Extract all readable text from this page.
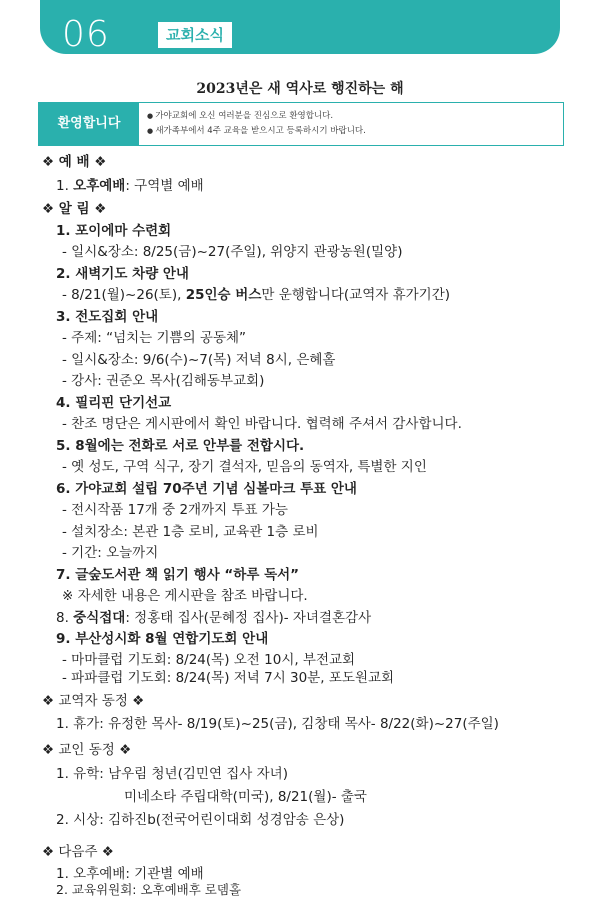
06	교회소식
2023년은 새 역사로 행진하는 해
환영합니다
●	가야교회에 오신 여러분을 진심으로 환영합니다.
● 새가족부에서 4주 교육을 받으시고 등록하시기 바랍니다.
❖ 예 배 ❖
1. 오후예배: 구역별 예배
❖ 알 림 ❖
1. 포이에마 수련회
- 일시&장소: 8/25(금)~27(주일), 위양지 관광농원(밀양)
2. 새벽기도 차량 안내
- 8/21(월)~26(토), 25인승 버스만 운행합니다(교역자 휴가기간)
3. 전도집회 안내
- 주제: “넘치는 기쁨의 공동체”
- 일시&장소: 9/6(수)~7(목) 저녁 8시, 은혜홀
- 강사: 권준오 목사(김해동부교회)
4. 필리핀 단기선교
- 찬조 명단은 게시판에서 확인 바랍니다. 협력해 주셔서 감사합니다.
5. 8월에는 전화로 서로 안부를 전합시다.
- 옛 성도, 구역 식구, 장기 결석자, 믿음의 동역자, 특별한 지인
6. 가야교회 설립 70주년 기념 심볼마크 투표 안내
- 전시작품 17개 중 2개까지 투표 가능
- 설치장소: 본관 1층 로비, 교육관 1층 로비
- 기간: 오늘까지
7. 글숲도서관 책 읽기 행사 “하루 독서”
※ 자세한 내용은 게시판을 참조 바랍니다.
8. 중식접대: 정홍태 집사(문혜정 집사)- 자녀결혼감사
9. 부산성시화 8월 연합기도회 안내
- 마마클럽 기도회: 8/24(목) 오전 10시, 부전교회
- 파파클럽 기도회: 8/24(목) 저녁 7시 30분, 포도원교회
❖ 교역자 동정 ❖
1. 휴가: 유정한 목사- 8/19(토)~25(금), 김창태 목사- 8/22(화)~27(주일)
❖ 교인 동정 ❖
1. 유학: 남우림 청년(김민연 집사 자녀)
미네소타 주립대학(미국), 8/21(월)- 출국
2. 시상: 김하진b(전국어린이대회 성경암송 은상)
❖ 다음주 ❖
1. 오후예배: 기관별 예배
2. 교육위원회: 오후예배후 로뎀홀
